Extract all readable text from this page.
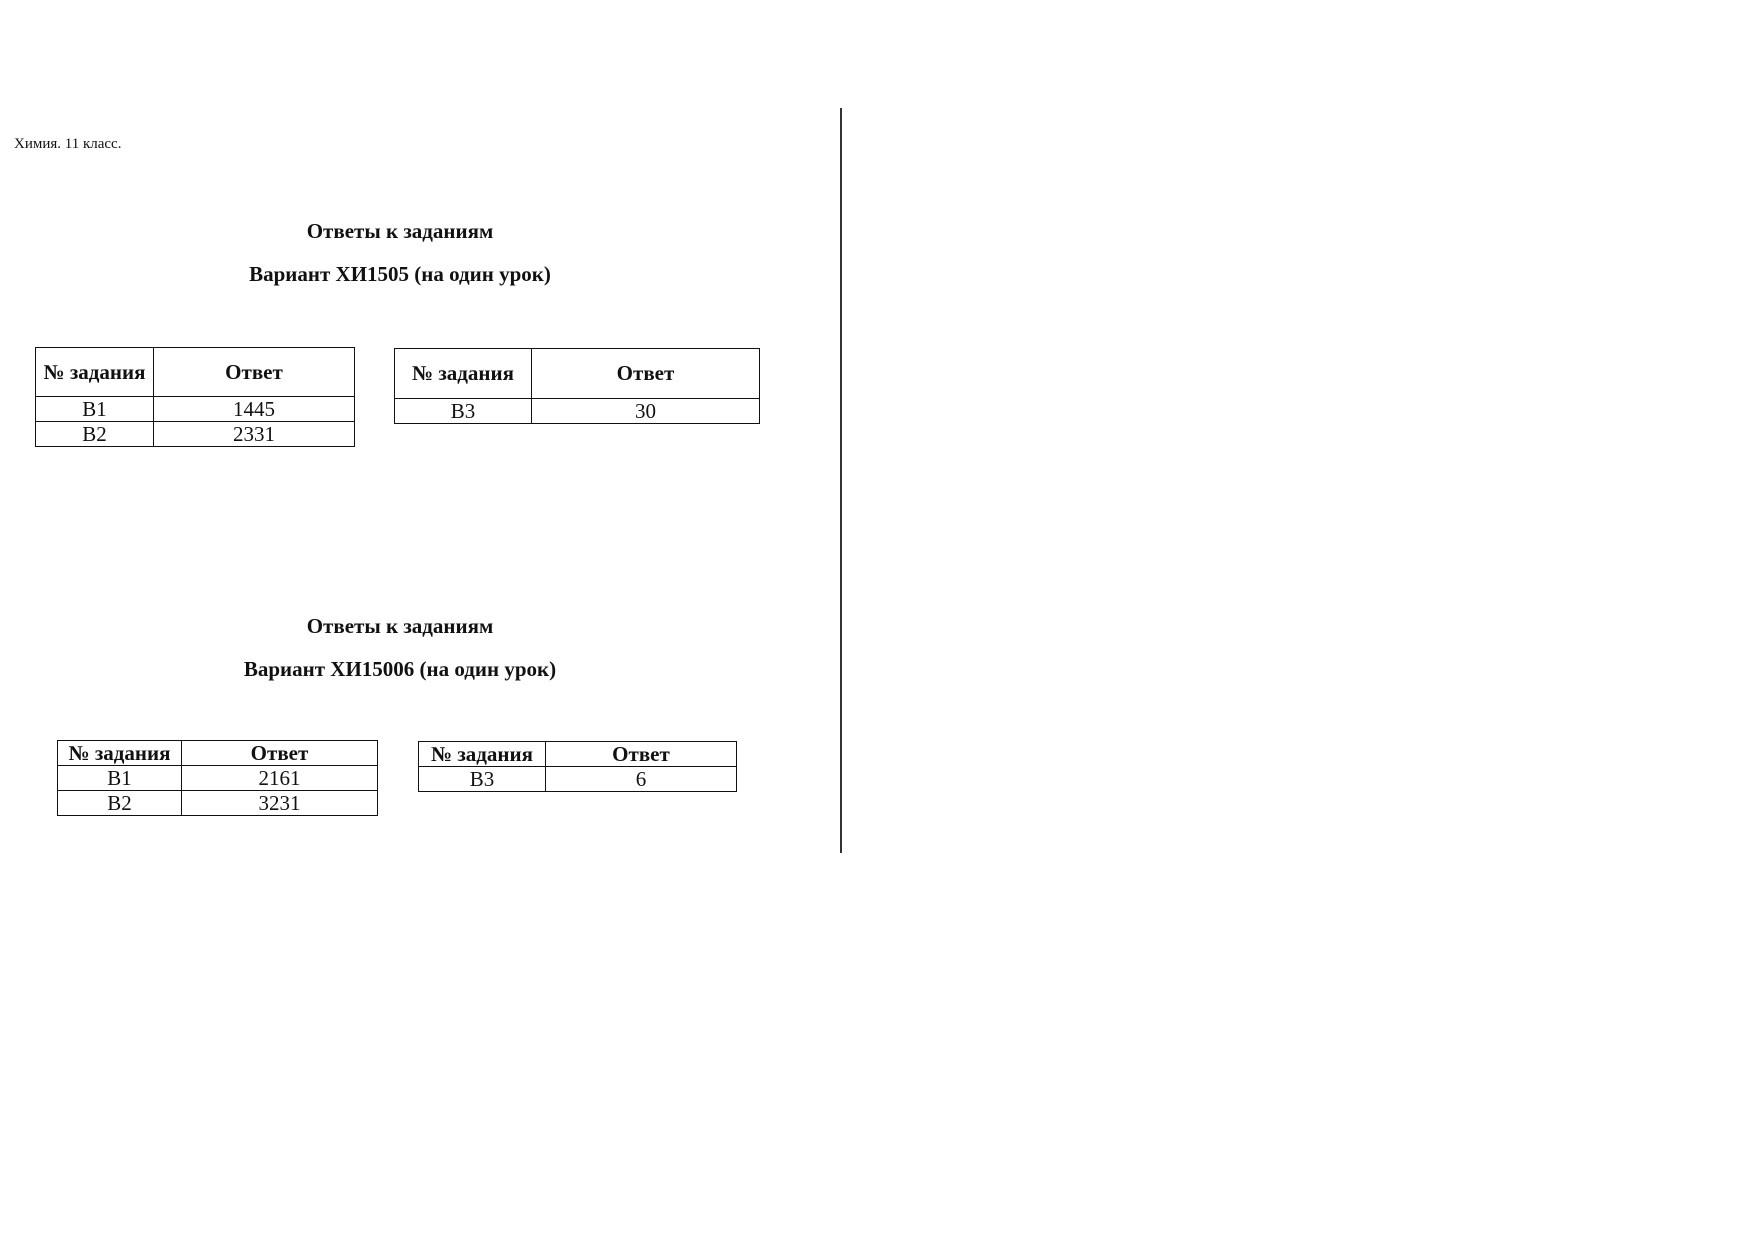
Химия. 11 класс.
Ответы к заданиям
Вариант ХИ1505 (на один урок)
№ задания	Ответ
B1	1445
B2	2331
№ задания	Ответ
B3	30
Ответы к заданиям
Вариант ХИ15006 (на один урок)
№ задания	Ответ
B1	2161
B2	3231
№ задания	Ответ
B3	6
